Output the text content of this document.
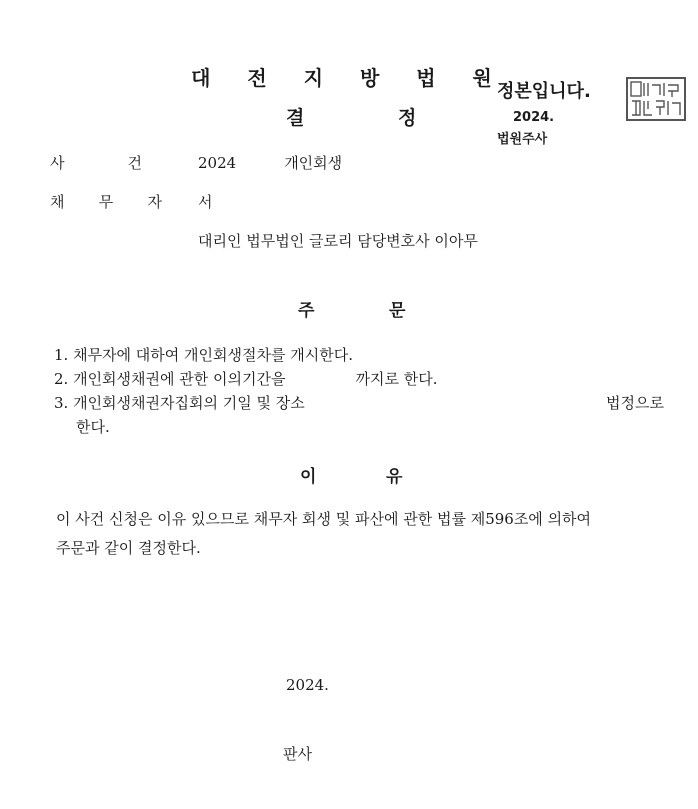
대 전 지 방 법 원
결	정
정본입니다.
2024.
법원주사
사 건	2024	개인회생
채 무 자 서
대리인 법무법인 글로리 담당변호사 이아무
주	문
1. 채무자에 대하여 개인회생절차를 개시한다.
2. 개인회생채권에 관한 이의기간을	까지로 한다.
3. 개인회생채권자집회의 기일 및 장소	법정으로
한다.
이	유
이 사건 신청은 이유 있으므로 채무자 회생 및 파산에 관한 법률 제596조에 의하여
주문과 같이 결정한다.
2024.
판사
